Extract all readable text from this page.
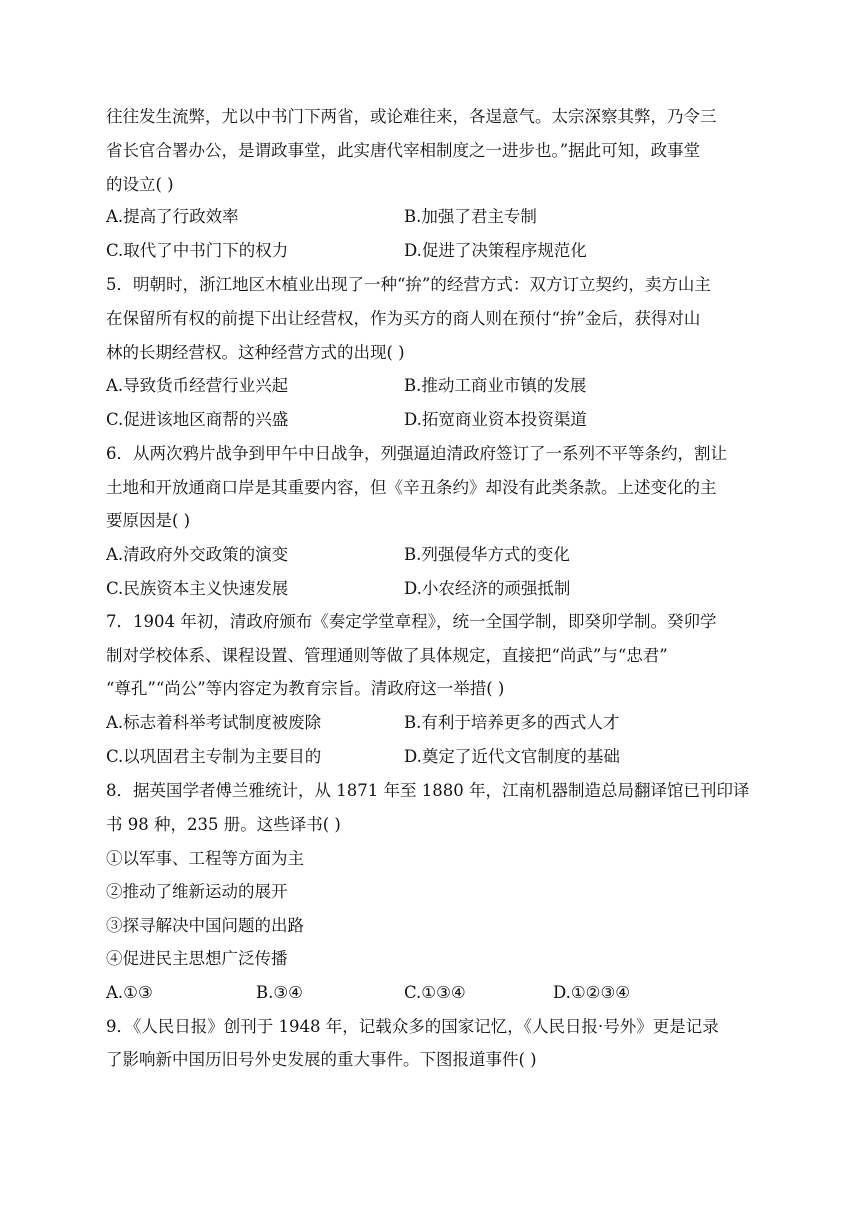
往往发生流弊，尤以中书门下两省，或论难往来，各逞意气。太宗深察其弊，乃令三
省长官合署办公，是谓政事堂，此实唐代宰相制度之一进步也。”据此可知，政事堂
的设立( )
A.提高了行政效率	B.加强了君主专制
C.取代了中书门下的权力	D.促进了决策程序规范化
5．明朝时，浙江地区木植业出现了一种“拚”的经营方式：双方订立契约，卖方山主
在保留所有权的前提下出让经营权，作为买方的商人则在预付“拚”金后，获得对山
林的长期经营权。这种经营方式的出现( )
A.导致货币经营行业兴起	B.推动工商业市镇的发展
C.促进该地区商帮的兴盛	D.拓宽商业资本投资渠道
6．从两次鸦片战争到甲午中日战争，列强逼迫清政府签订了一系列不平等条约，割让
土地和开放通商口岸是其重要内容，但《辛丑条约》却没有此类条款。上述变化的主
要原因是( )
A.清政府外交政策的演变	B.列强侵华方式的变化
C.民族资本主义快速发展	D.小农经济的顽强抵制
7．1904 年初，清政府颁布《奏定学堂章程》，统一全国学制，即癸卯学制。癸卯学
制对学校体系、课程设置、管理通则等做了具体规定，直接把“尚武”与“忠君”
“尊孔”“尚公”等内容定为教育宗旨。清政府这一举措( )
A.标志着科举考试制度被废除	B.有利于培养更多的西式人才
C.以巩固君主专制为主要目的	D.奠定了近代文官制度的基础
8．据英国学者傅兰雅统计，从 1871 年至 1880 年，江南机器制造总局翻译馆已刊印译
书 98 种，235 册。这些译书( )
①以军事、工程等方面为主
②推动了维新运动的展开
③探寻解决中国问题的出路
④促进民主思想广泛传播
A.①③	B.③④	C.①③④	D.①②③④
9．《人民日报》创刊于 1948 年，记载众多的国家记忆，《人民日报·号外》更是记录
了影响新中国历旧号外史发展的重大事件。下图报道事件( )
